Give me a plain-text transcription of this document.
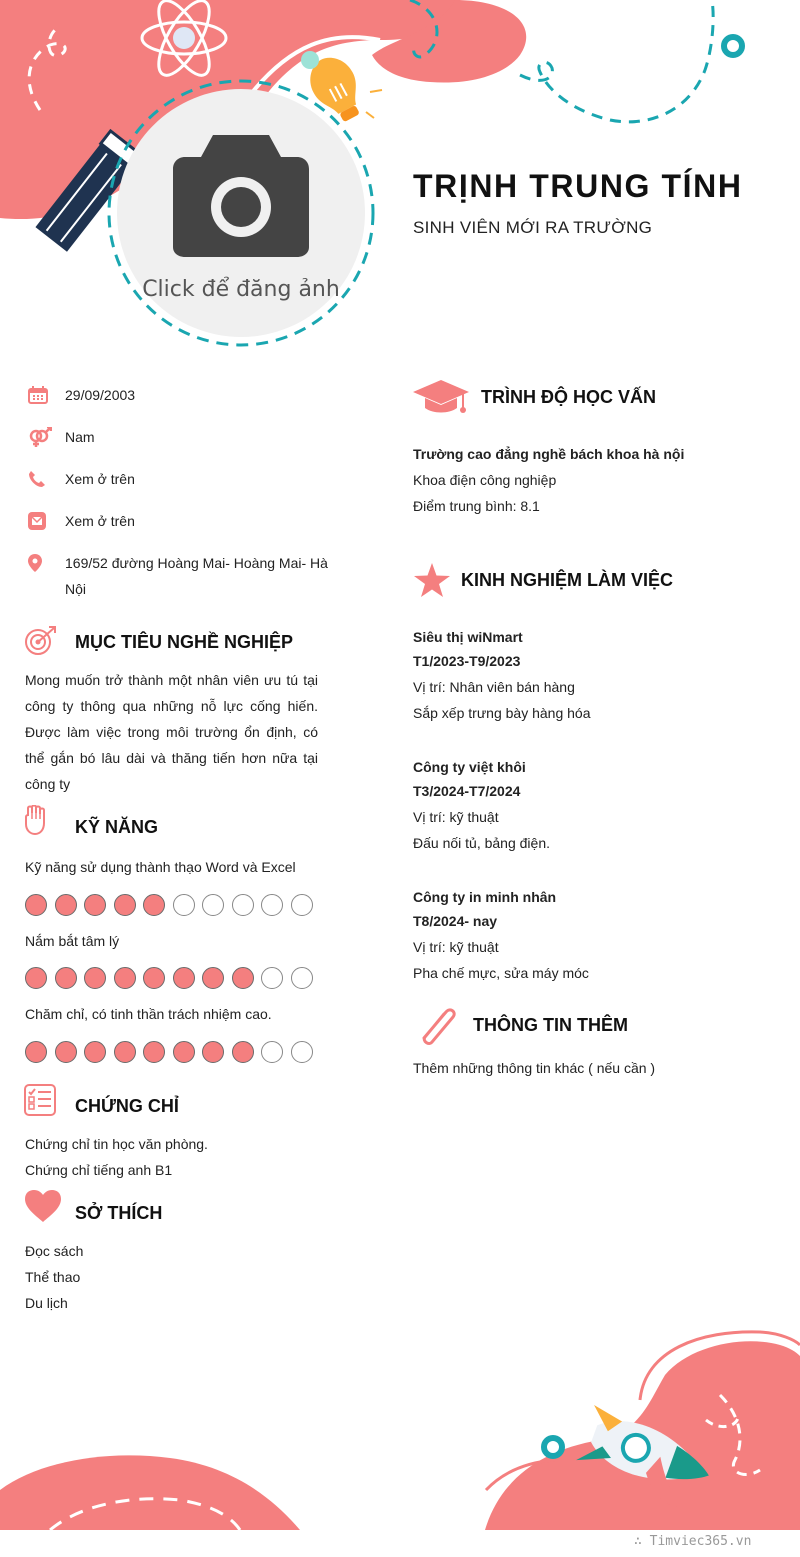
Click để đăng ảnh
TRỊNH TRUNG TÍNH
SINH VIÊN MỚI RA TRƯỜNG
29/09/2003
Nam
Xem ở trên
Xem ở trên
169/52 đường Hoàng Mai- Hoàng Mai- Hà Nội
MỤC TIÊU NGHỀ NGHIỆP
Mong muốn trở thành một nhân viên ưu tú tại công ty thông qua những nỗ lực cống hiến. Được làm việc trong môi trường ổn định, có thể gắn bó lâu dài và thăng tiến hơn nữa tại công ty
KỸ NĂNG
Kỹ năng sử dụng thành thạo Word và Excel
Nắm bắt tâm lý
Chăm chỉ, có tinh thần trách nhiệm cao.
CHỨNG CHỈ
Chứng chỉ tin học văn phòng.
Chứng chỉ tiếng anh B1
SỞ THÍCH
Đọc sách
Thể thao
Du lịch
TRÌNH ĐỘ HỌC VẤN
Trường cao đẳng nghề bách khoa hà nội
Khoa điện công nghiệp
Điểm trung bình: 8.1
KINH NGHIỆM LÀM VIỆC
Siêu thị wiNmart
T1/2023-T9/2023
Vị trí: Nhân viên bán hàng
Sắp xếp trưng bày hàng hóa
Công ty việt khôi
T3/2024-T7/2024
Vị trí: kỹ thuật
Đấu nối tủ, bảng điện.
Công ty in minh nhân
T8/2024- nay
Vị trí: kỹ thuật
Pha chế mực, sửa máy móc
THÔNG TIN THÊM
Thêm những thông tin khác ( nếu cần )
∴ Timviec365.vn
